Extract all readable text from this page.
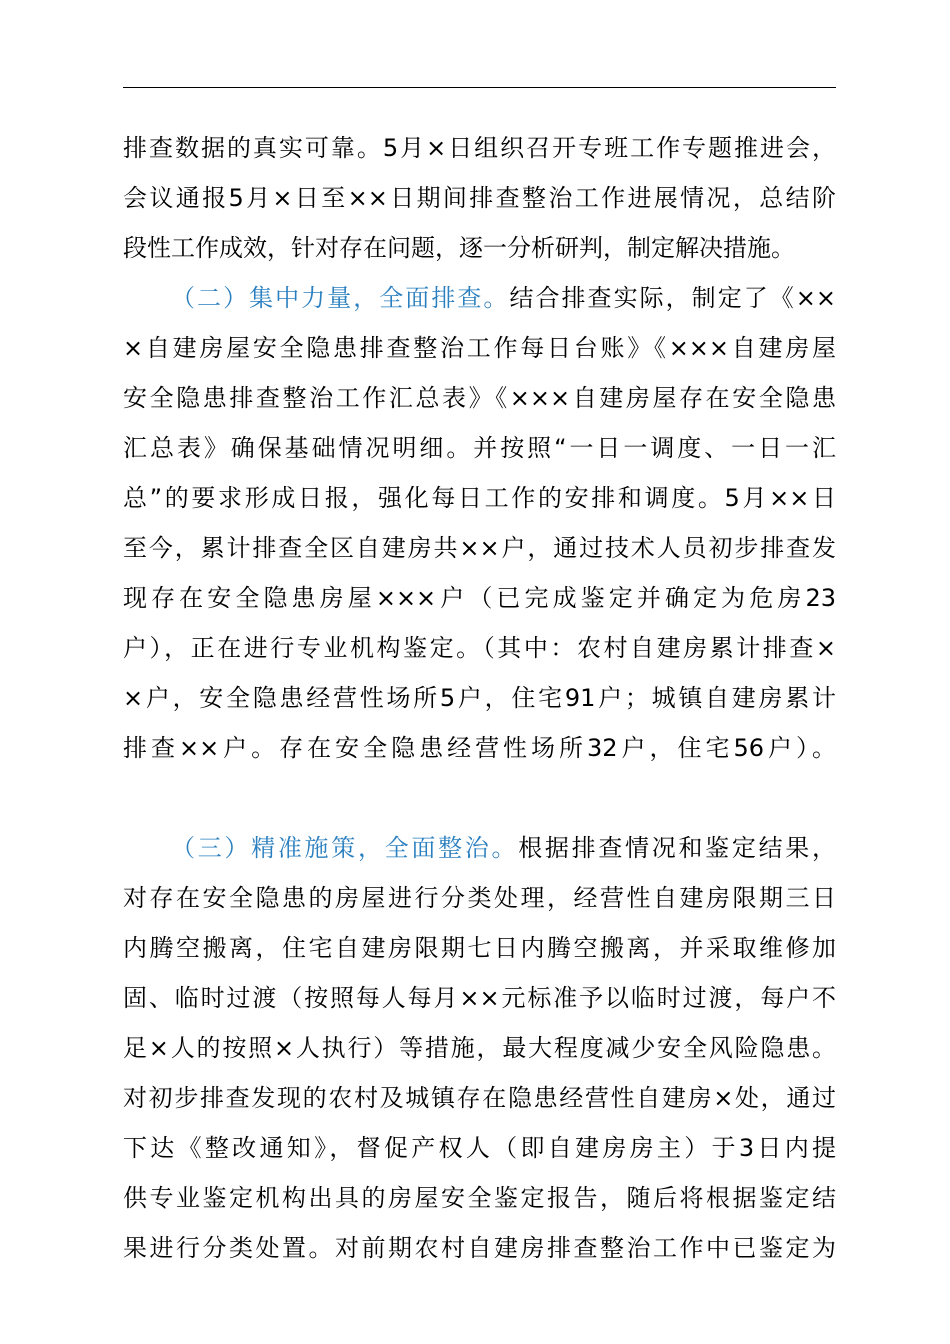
排查数据的真实可靠。5月×日组织召开专班工作专题推进会，
会议通报5月×日至××日期间排查整治工作进展情况，总结阶
段性工作成效，针对存在问题，逐一分析研判，制定解决措施。
（二）集中力量，全面排查。结合排查实际，制定了《××
×自建房屋安全隐患排查整治工作每日台账》《×××自建房屋
安全隐患排查整治工作汇总表》《×××自建房屋存在安全隐患
汇总表》确保基础情况明细。并按照“一日一调度、一日一汇
总”的要求形成日报，强化每日工作的安排和调度。5月××日
至今，累计排查全区自建房共××户，通过技术人员初步排查发
现存在安全隐患房屋×××户（已完成鉴定并确定为危房23
户），正在进行专业机构鉴定。（其中：农村自建房累计排查×
×户，安全隐患经营性场所5户，住宅91户；城镇自建房累计
排查××户。存在安全隐患经营性场所32户，住宅56户）。
（三）精准施策，全面整治。根据排查情况和鉴定结果，
对存在安全隐患的房屋进行分类处理，经营性自建房限期三日
内腾空搬离，住宅自建房限期七日内腾空搬离，并采取维修加
固、临时过渡（按照每人每月××元标准予以临时过渡，每户不
足×人的按照×人执行）等措施，最大程度减少安全风险隐患。
对初步排查发现的农村及城镇存在隐患经营性自建房×处，通过
下达《整改通知》，督促产权人（即自建房房主）于3日内提
供专业鉴定机构出具的房屋安全鉴定报告，随后将根据鉴定结
果进行分类处置。对前期农村自建房排查整治工作中已鉴定为
